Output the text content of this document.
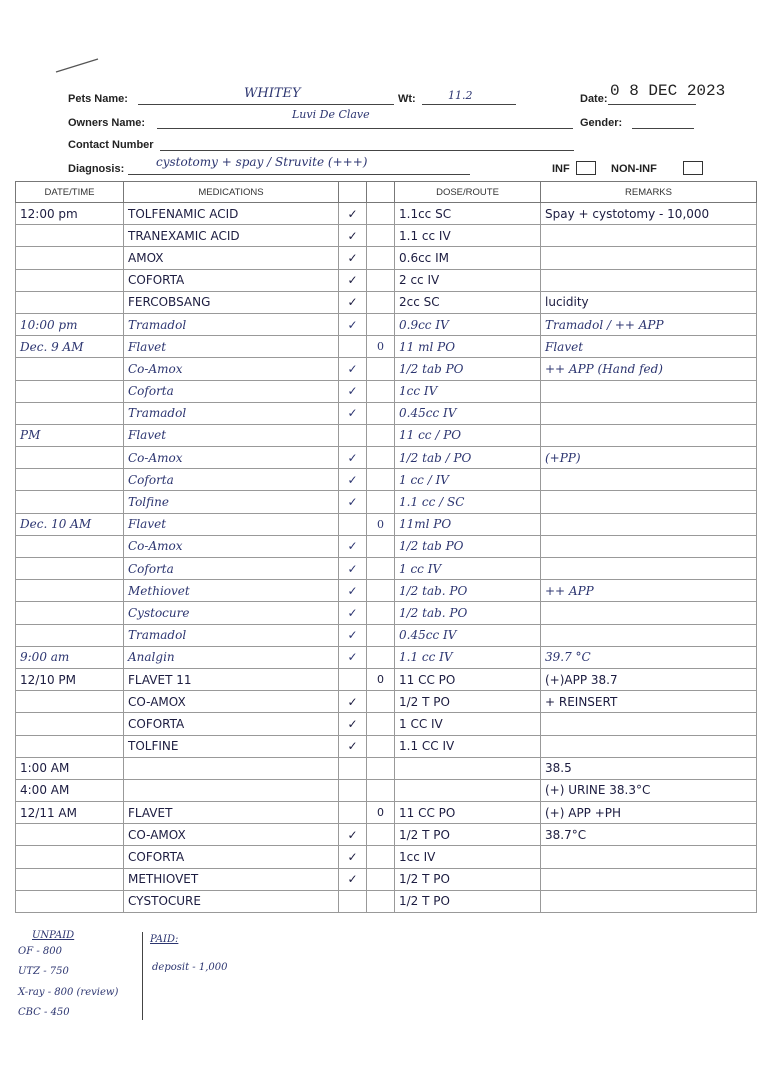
Pets Name:	WHITEY	Wt:	11.2	Date: 0 8 DEC 2023
Owners Name:
Luvi De Clave
Gender:
Contact Number
Diagnosis:	cystotomy + spay / Struvite (+++)	INF	NON-INF
DATE/TIME	MEDICATIONS			DOSE/ROUTE	REMARKS
12:00 pm	TOLFENAMIC ACID	✓		1.1cc SC	Spay + cystotomy - 10,000
	TRANEXAMIC ACID	✓		1.1 cc IV	
	AMOX	✓		0.6cc IM	
	COFORTA	✓		2 cc IV	
	FERCOBSANG	✓		2cc SC	lucidity
10:00 pm	Tramadol	✓		0.9cc IV	Tramadol / ++ APP
Dec. 9 AM	Flavet		0	11 ml PO	Flavet
	Co-Amox	✓		1/2 tab PO	++ APP (Hand fed)
	Coforta	✓		1cc IV	
	Tramadol	✓		0.45cc IV	
PM	Flavet			11 cc / PO	
	Co-Amox	✓		1/2 tab / PO	(+PP)
	Coforta	✓		1 cc / IV	
	Tolfine	✓		1.1 cc / SC	
Dec. 10 AM	Flavet		0	11ml PO	
	Co-Amox	✓		1/2 tab PO	
	Coforta	✓		1 cc IV	
	Methiovet	✓		1/2 tab. PO	++ APP
	Cystocure	✓		1/2 tab. PO	
	Tramadol	✓		0.45cc IV	
9:00 am	Analgin	✓		1.1 cc IV	39.7 °C
12/10 PM	FLAVET 11		0	11 CC PO	(+)APP 38.7
	CO-AMOX	✓		1/2 T PO	+ REINSERT
	COFORTA	✓		1 CC IV	
	TOLFINE	✓		1.1 CC IV	
1:00 AM					38.5
4:00 AM					(+) URINE 38.3°C
12/11 AM	FLAVET		0	11 CC PO	(+) APP +PH
	CO-AMOX	✓		1/2 T PO	38.7°C
	COFORTA	✓		1cc IV	
	METHIOVET	✓		1/2 T PO	
	CYSTOCURE			1/2 T PO	
UNPAID
OF - 800
UTZ - 750
X-ray - 800 (review)
CBC - 450
PAID:
deposit - 1,000
